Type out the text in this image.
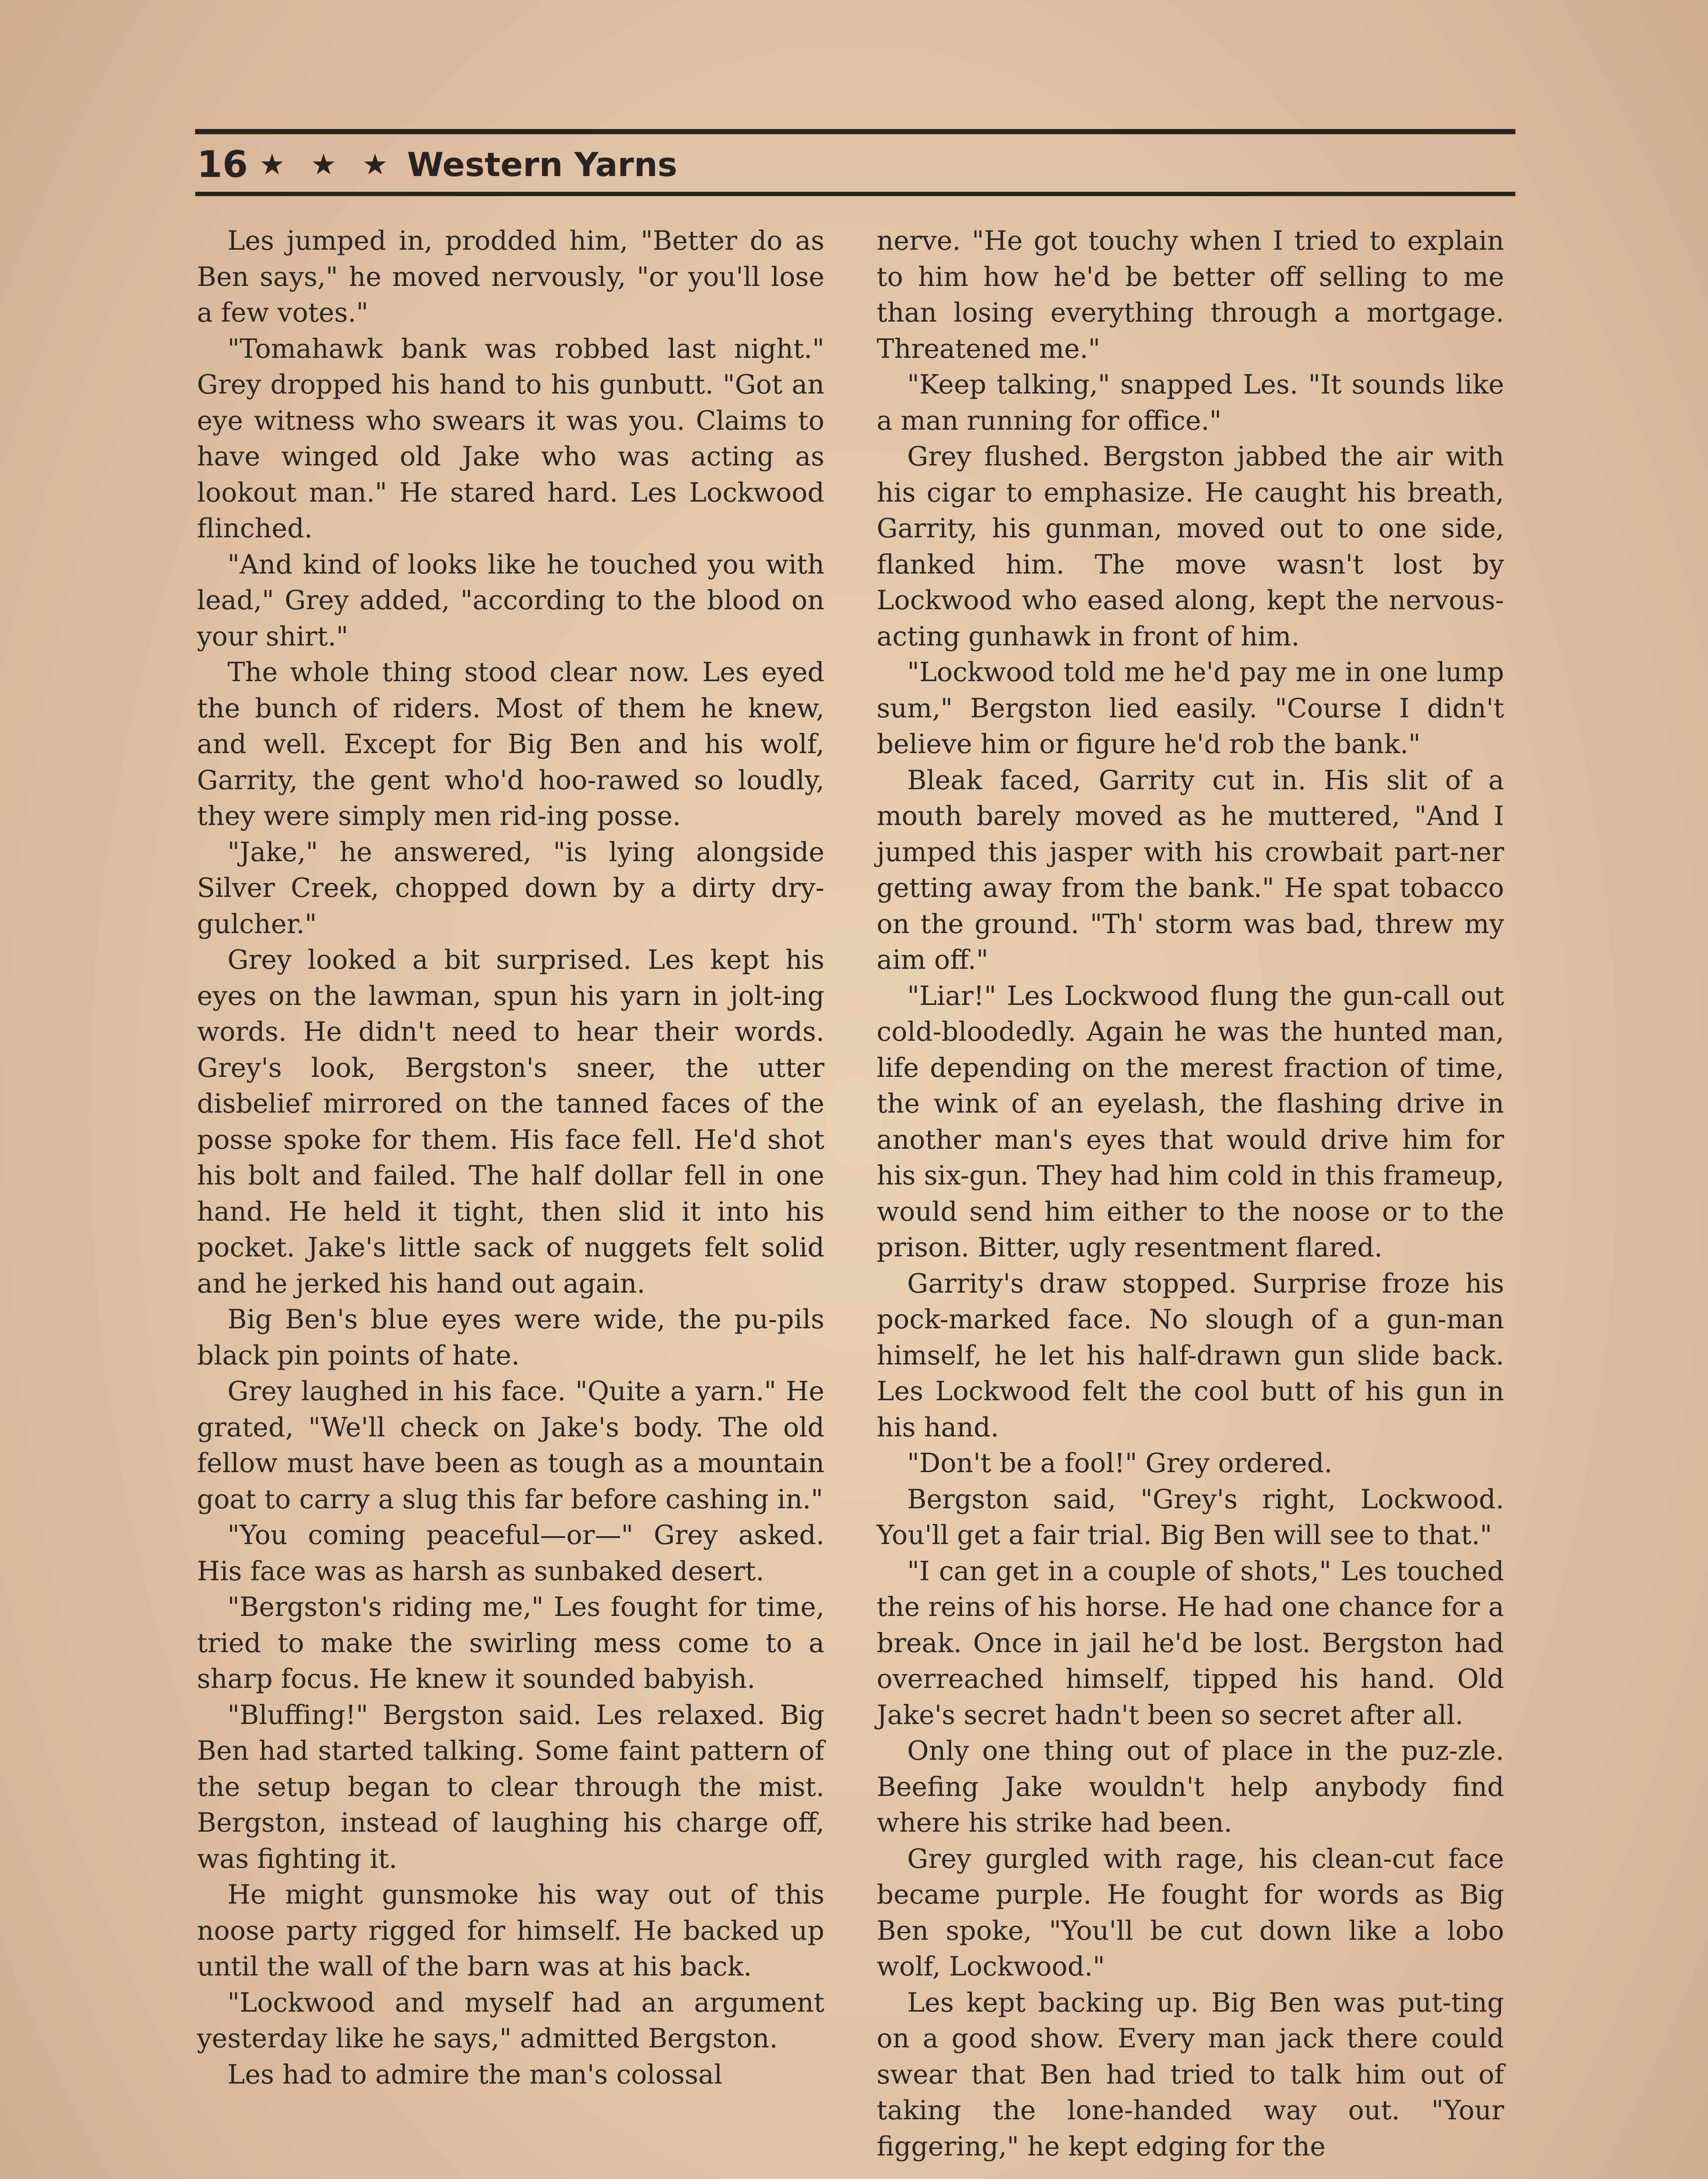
16 ★ ★ ★ Western Yarns

Les jumped in, prodded him, "Better do as Ben says," he moved nervously, "or you'll lose a few votes."

"Tomahawk bank was robbed last night." Grey dropped his hand to his gunbutt. "Got an eye witness who swears it was you. Claims to have winged old Jake who was acting as lookout man." He stared hard. Les Lockwood flinched.

"And kind of looks like he touched you with lead," Grey added, "according to the blood on your shirt."

The whole thing stood clear now. Les eyed the bunch of riders. Most of them he knew, and well. Except for Big Ben and his wolf, Garrity, the gent who'd hoo-rawed so loudly, they were simply men rid-ing posse.

"Jake," he answered, "is lying alongside Silver Creek, chopped down by a dirty dry-gulcher."

Grey looked a bit surprised. Les kept his eyes on the lawman, spun his yarn in jolt-ing words. He didn't need to hear their words. Grey's look, Bergston's sneer, the utter disbelief mirrored on the tanned faces of the posse spoke for them. His face fell. He'd shot his bolt and failed. The half dollar fell in one hand. He held it tight, then slid it into his pocket. Jake's little sack of nuggets felt solid and he jerked his hand out again.

Big Ben's blue eyes were wide, the pu-pils black pin points of hate.

Grey laughed in his face. "Quite a yarn." He grated, "We'll check on Jake's body. The old fellow must have been as tough as a mountain goat to carry a slug this far before cashing in."

"You coming peaceful—or—" Grey asked. His face was as harsh as sunbaked desert.

"Bergston's riding me," Les fought for time, tried to make the swirling mess come to a sharp focus. He knew it sounded babyish.

"Bluffing!" Bergston said. Les relaxed. Big Ben had started talking. Some faint pattern of the setup began to clear through the mist. Bergston, instead of laughing his charge off, was fighting it.

He might gunsmoke his way out of this noose party rigged for himself. He backed up until the wall of the barn was at his back.

"Lockwood and myself had an argument yesterday like he says," admitted Bergston.

Les had to admire the man's colossal

nerve. "He got touchy when I tried to explain to him how he'd be better off selling to me than losing everything through a mortgage. Threatened me."

"Keep talking," snapped Les. "It sounds like a man running for office."

Grey flushed. Bergston jabbed the air with his cigar to emphasize. He caught his breath, Garrity, his gunman, moved out to one side, flanked him. The move wasn't lost by Lockwood who eased along, kept the nervous-acting gunhawk in front of him.

"Lockwood told me he'd pay me in one lump sum," Bergston lied easily. "Course I didn't believe him or figure he'd rob the bank."

Bleak faced, Garrity cut in. His slit of a mouth barely moved as he muttered, "And I jumped this jasper with his crowbait part-ner getting away from the bank." He spat tobacco on the ground. "Th' storm was bad, threw my aim off."

"Liar!" Les Lockwood flung the gun-call out cold-bloodedly. Again he was the hunted man, life depending on the merest fraction of time, the wink of an eyelash, the flashing drive in another man's eyes that would drive him for his six-gun. They had him cold in this frameup, would send him either to the noose or to the prison. Bitter, ugly resentment flared.

Garrity's draw stopped. Surprise froze his pock-marked face. No slough of a gun-man himself, he let his half-drawn gun slide back. Les Lockwood felt the cool butt of his gun in his hand.

"Don't be a fool!" Grey ordered.

Bergston said, "Grey's right, Lockwood. You'll get a fair trial. Big Ben will see to that."

"I can get in a couple of shots," Les touched the reins of his horse. He had one chance for a break. Once in jail he'd be lost. Bergston had overreached himself, tipped his hand. Old Jake's secret hadn't been so secret after all.

Only one thing out of place in the puz-zle. Beefing Jake wouldn't help anybody find where his strike had been.

Grey gurgled with rage, his clean-cut face became purple. He fought for words as Big Ben spoke, "You'll be cut down like a lobo wolf, Lockwood."

Les kept backing up. Big Ben was put-ting on a good show. Every man jack there could swear that Ben had tried to talk him out of taking the lone-handed way out. "Your figgering," he kept edging for the
